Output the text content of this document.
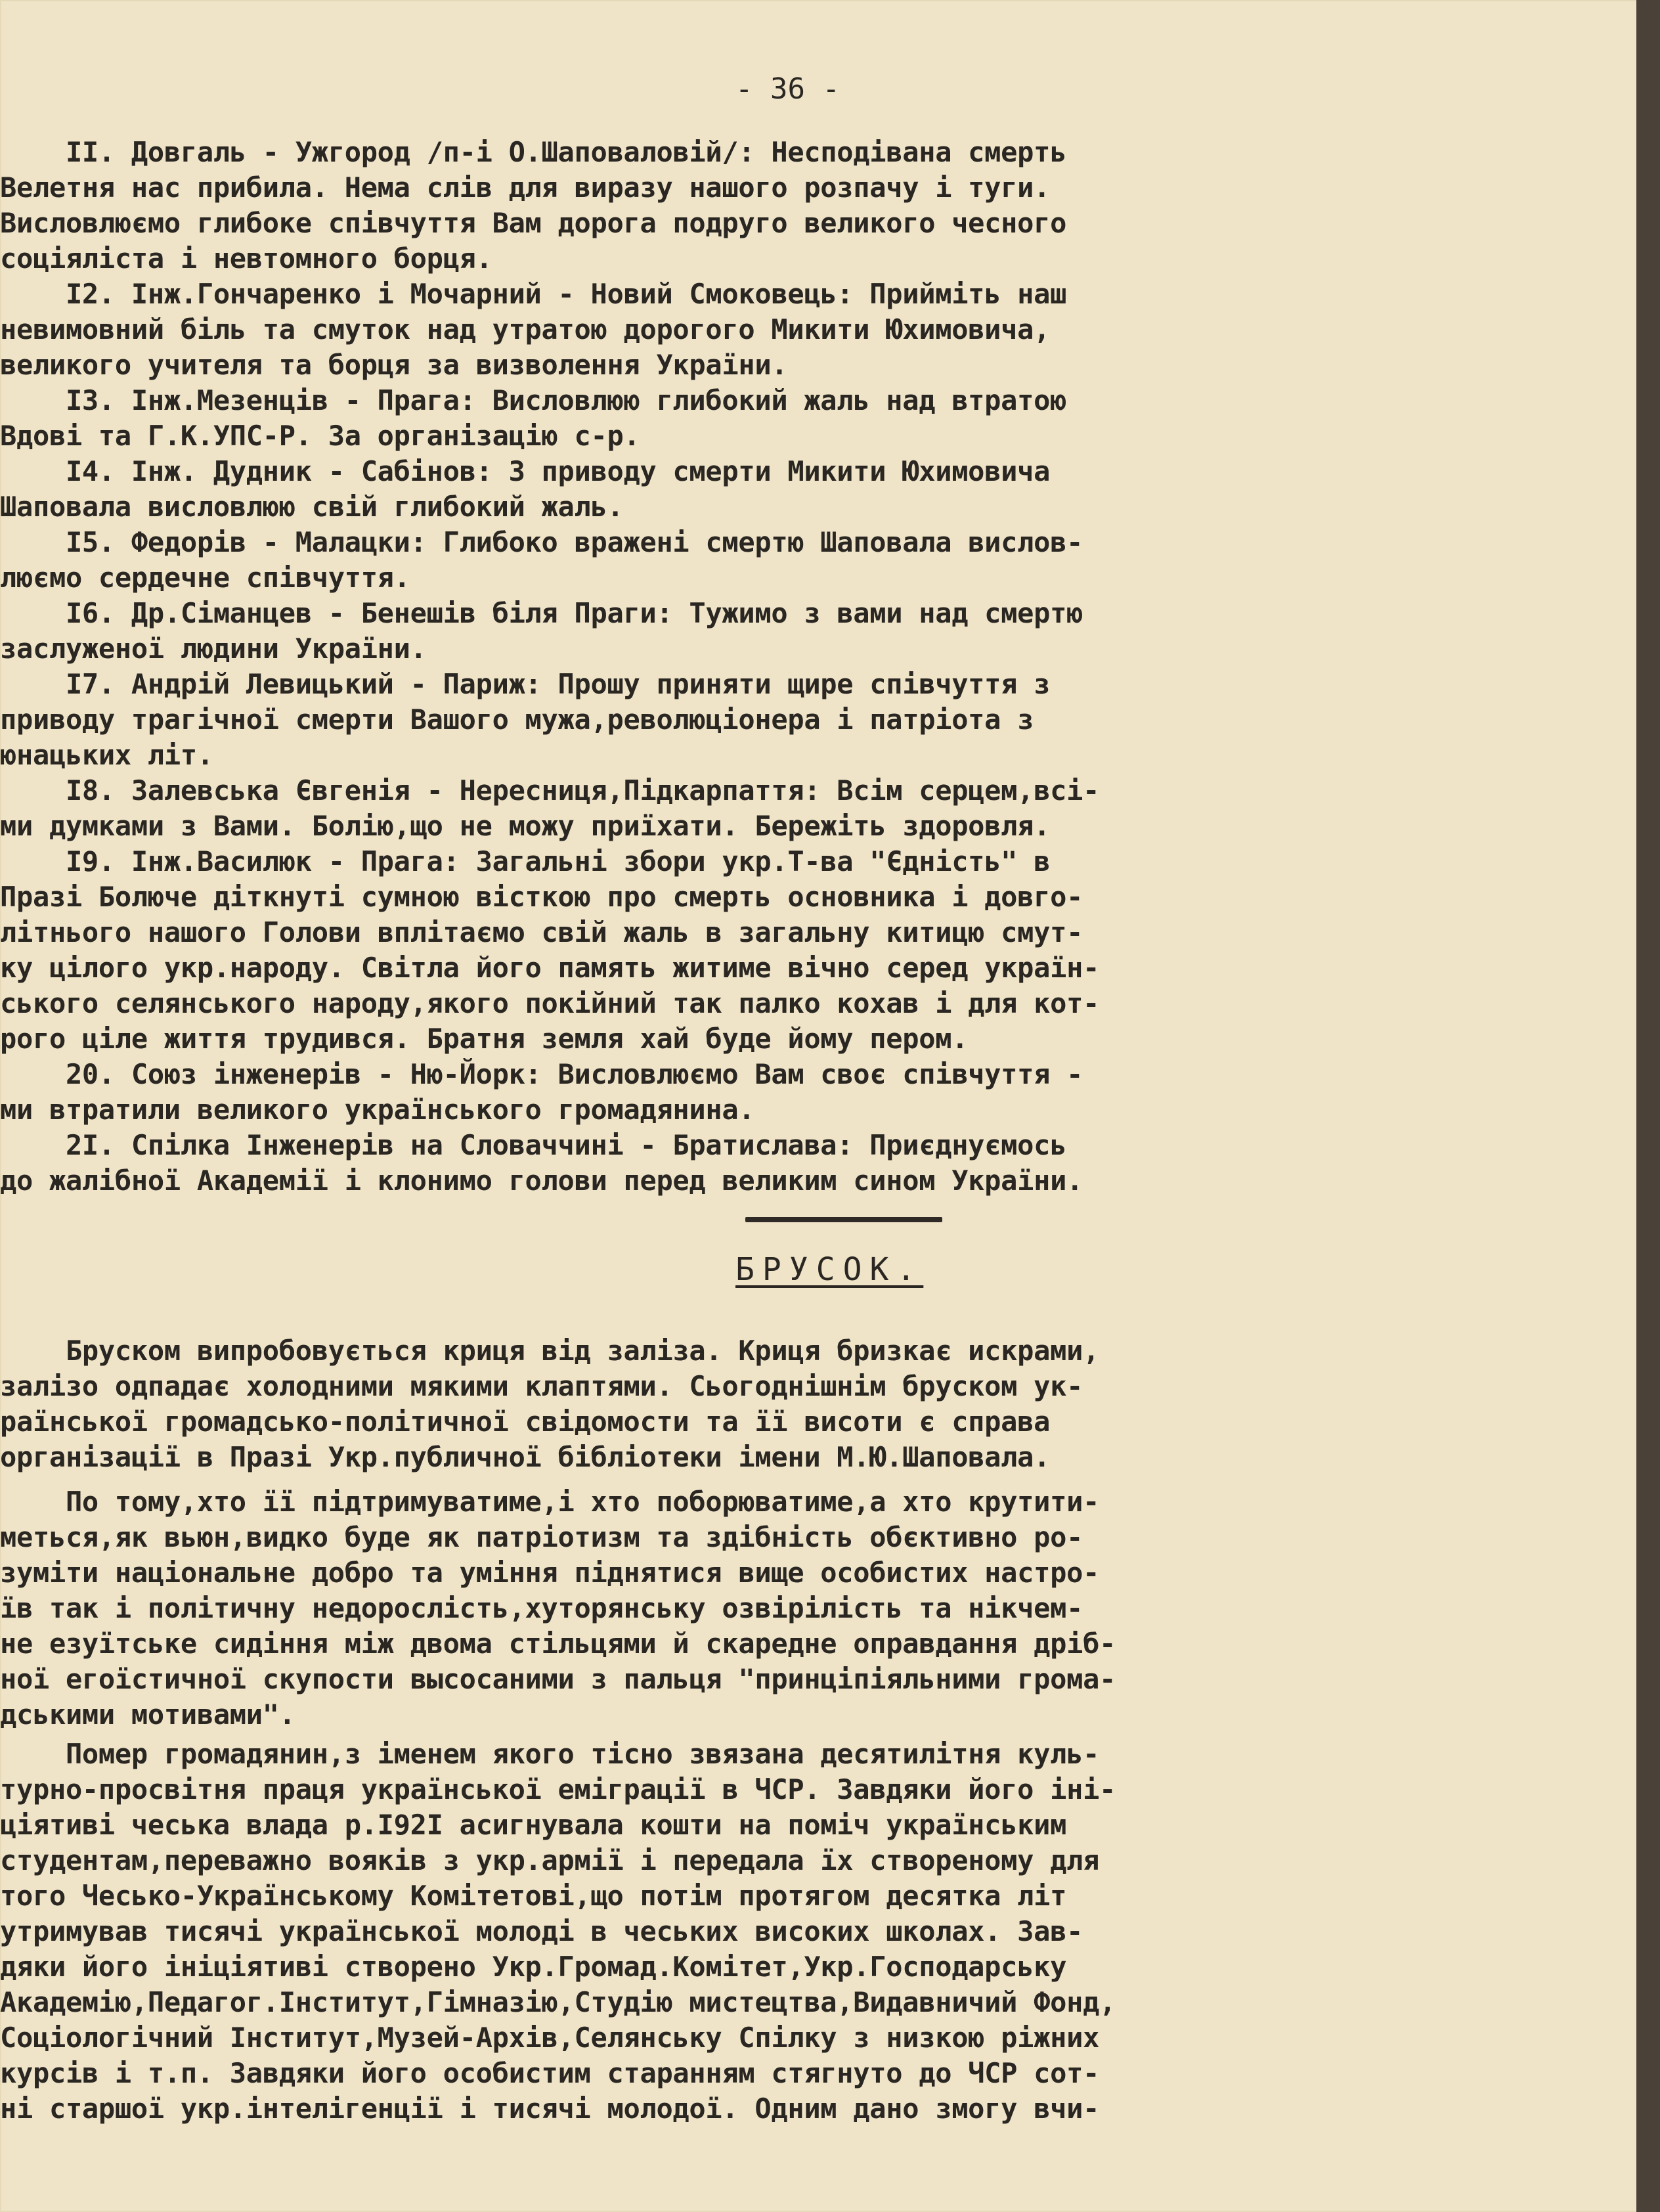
- 36 -
II. Довгаль - Ужгород /п-і О.Шаповаловій/: Несподівана смерть
Велетня нас прибила. Нема слів для виразу нашого розпачу і туги.
Висловлюємо глибоке співчуття Вам дорога подруго великого чесного
соціяліста і невтомного борця.
I2. Інж.Гончаренко і Мочарний - Новий Смоковець: Прийміть наш
невимовний біль та смуток над утратою дорогого Микити Юхимовича,
великого учителя та борця за визволення України.
I3. Інж.Мезенців - Прага: Висловлюю глибокий жаль над втратою
Вдові та Г.К.УПС-Р. За організацію с-р.
I4. Інж. Дудник - Сабінов: З приводу смерти Микити Юхимовича
Шаповала висловлюю свій глибокий жаль.
I5. Федорів - Малацки: Глибоко вражені смертю Шаповала вислов-
люємо сердечне співчуття.
I6. Др.Сіманцев - Бенешів біля Праги: Тужимо з вами над смертю
заслуженої людини України.
I7. Андрій Левицький - Париж: Прошу приняти щире співчуття з
приводу трагічної смерти Вашого мужа,революціонера і патріота з
юнацьких літ.
I8. Залевська Євгенія - Нересниця,Підкарпаття: Всім серцем,всі-
ми думками з Вами. Болію,що не можу приїхати. Бережіть здоровля.
I9. Інж.Василюк - Прага: Загальні збори укр.Т-ва "Єдність" в
Празі Болюче діткнуті сумною вісткою про смерть основника і довго-
літнього нашого Голови вплітаємо свій жаль в загальну китицю смут-
ку цілого укр.народу. Світла його память житиме вічно серед україн-
ського селянського народу,якого покійний так палко кохав і для кот-
рого ціле життя трудився. Братня земля хай буде йому пером.
20. Союз інженерів - Ню-Йорк: Висловлюємо Вам своє співчуття -
ми втратили великого українського громадянина.
2I. Спілка Інженерів на Словаччині - Братислава: Приєднуємось
до жалібної Академії і клонимо голови перед великим сином України.
БРУСОК.
Бруском випробовується криця від заліза. Криця бризкає искрами,
залізо одпадає холодними мякими клаптями. Сьогоднішнім бруском ук-
раїнської громадсько-політичної свідомости та її висоти є справа
організації в Празі Укр.публичної бібліотеки імени М.Ю.Шаповала.
По тому,хто її підтримуватиме,і хто поборюватиме,а хто крутити-
меться,як вьюн,видко буде як патріотизм та здібність обєктивно ро-
зуміти національне добро та уміння піднятися вище особистих настро-
їв так і політичну недорослість,хуторянську озвірілість та нікчем-
не езуїтське сидіння між двома стільцями й скаредне оправдання дріб-
ної егоїстичної скупости высосаними з пальця "принціпіяльними грома-
дськими мотивами".
Помер громадянин,з іменем якого тісно звязана десятилітня куль-
турно-просвітня праця української еміграції в ЧСР. Завдяки його іні-
ціятиві чеська влада р.I92I асигнувала кошти на поміч українським
студентам,переважно вояків з укр.армії і передала їх створеному для
того Чесько-Українському Комітетові,що потім протягом десятка літ
утримував тисячі української молоді в чеських високих школах. Зав-
дяки його ініціятиві створено Укр.Громад.Комітет,Укр.Господарську
Академію,Педагог.Інститут,Гімназію,Студію мистецтва,Видавничий Фонд,
Соціологічний Інститут,Музей-Архів,Селянську Спілку з низкою ріжних
курсів і т.п. Завдяки його особистим старанням стягнуто до ЧСР сот-
ні старшої укр.інтелігенції і тисячі молодої. Одним дано змогу вчи-
